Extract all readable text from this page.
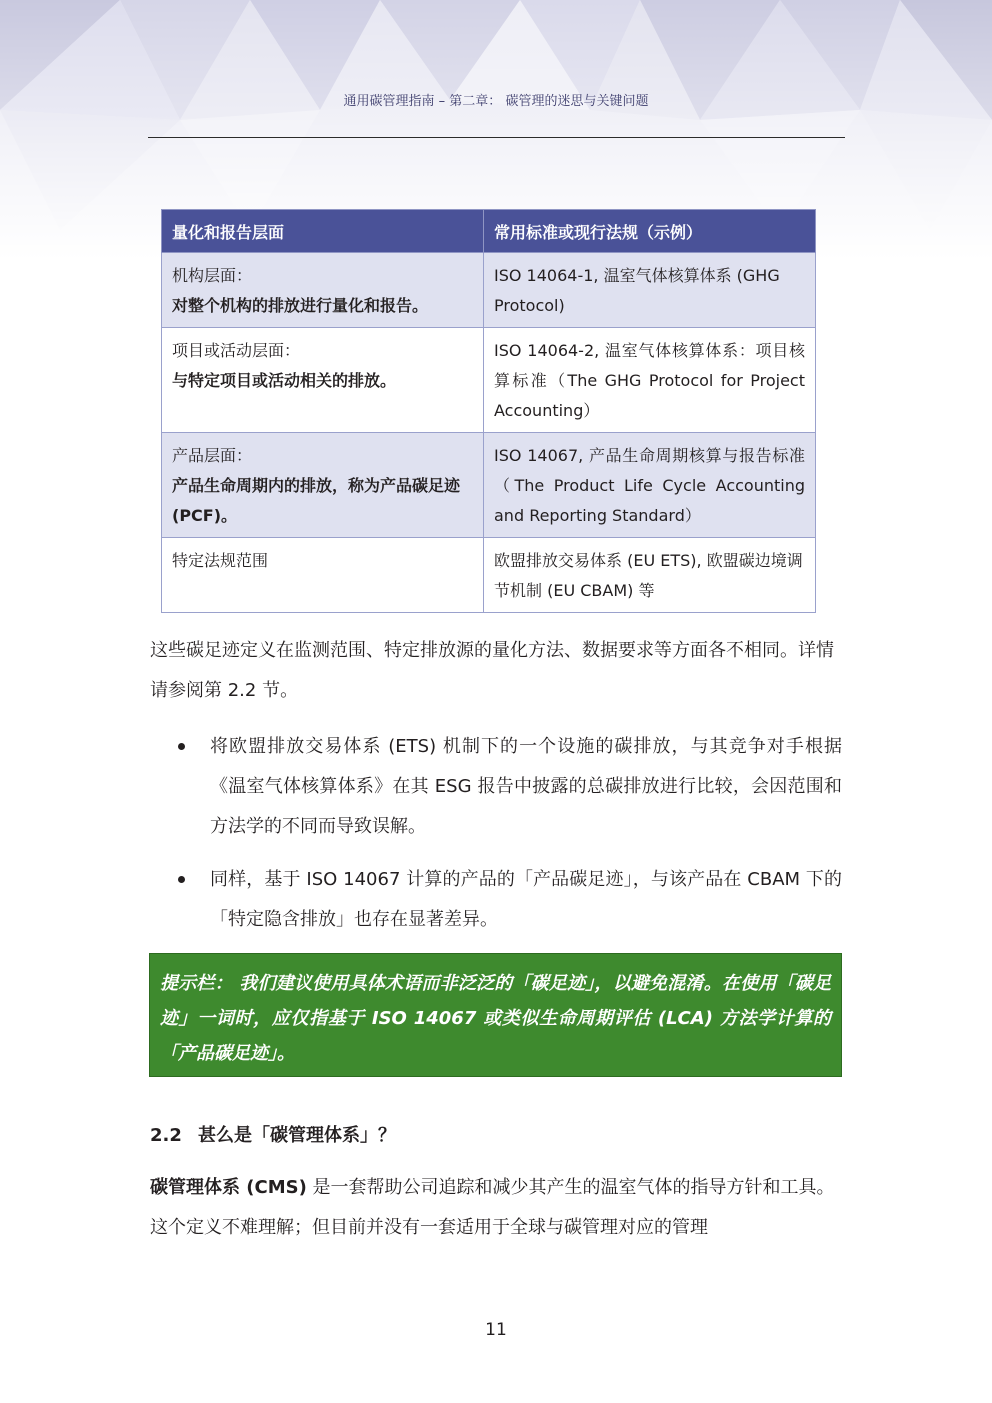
通用碳管理指南 – 第二章： 碳管理的迷思与关键问题
量化和报告层面	常用标准或现行法规（示例）

机构层面：
对整个机构的排放进行量化和报告。	ISO 14064-1, 温室气体核算体系 (GHG Protocol)

项目或活动层面：
与特定项目或活动相关的排放。	ISO 14064-2, 温室气体核算体系：项目核算标准（The GHG Protocol for Project Accounting）

产品层面：
产品生命周期内的排放，称为产品碳足迹 (PCF)。	ISO 14067, 产品生命周期核算与报告标准（The Product Life Cycle Accounting and Reporting Standard）

特定法规范围	欧盟排放交易体系 (EU ETS), 欧盟碳边境调节机制 (EU CBAM) 等
这些碳足迹定义在监测范围、特定排放源的量化方法、数据要求等方面各不相同。详情请参阅第 2.2 节。
将欧盟排放交易体系 (ETS) 机制下的一个设施的碳排放，与其竞争对手根据《温室气体核算体系》在其 ESG 报告中披露的总碳排放进行比较，会因范围和方法学的不同而导致误解。
同样，基于 ISO 14067 计算的产品的「产品碳足迹」，与该产品在 CBAM 下的「特定隐含排放」也存在显著差异。
提示栏： 我们建议使用具体术语而非泛泛的「碳足迹」，以避免混淆。在使用「碳足迹」一词时，应仅指基于 ISO 14067 或类似生命周期评估 (LCA) 方法学计算的「产品碳足迹」。
2.2 甚么是「碳管理体系」？
碳管理体系 (CMS) 是一套帮助公司追踪和减少其产生的温室气体的指导方针和工具。这个定义不难理解；但目前并没有一套适用于全球与碳管理对应的管理
11
